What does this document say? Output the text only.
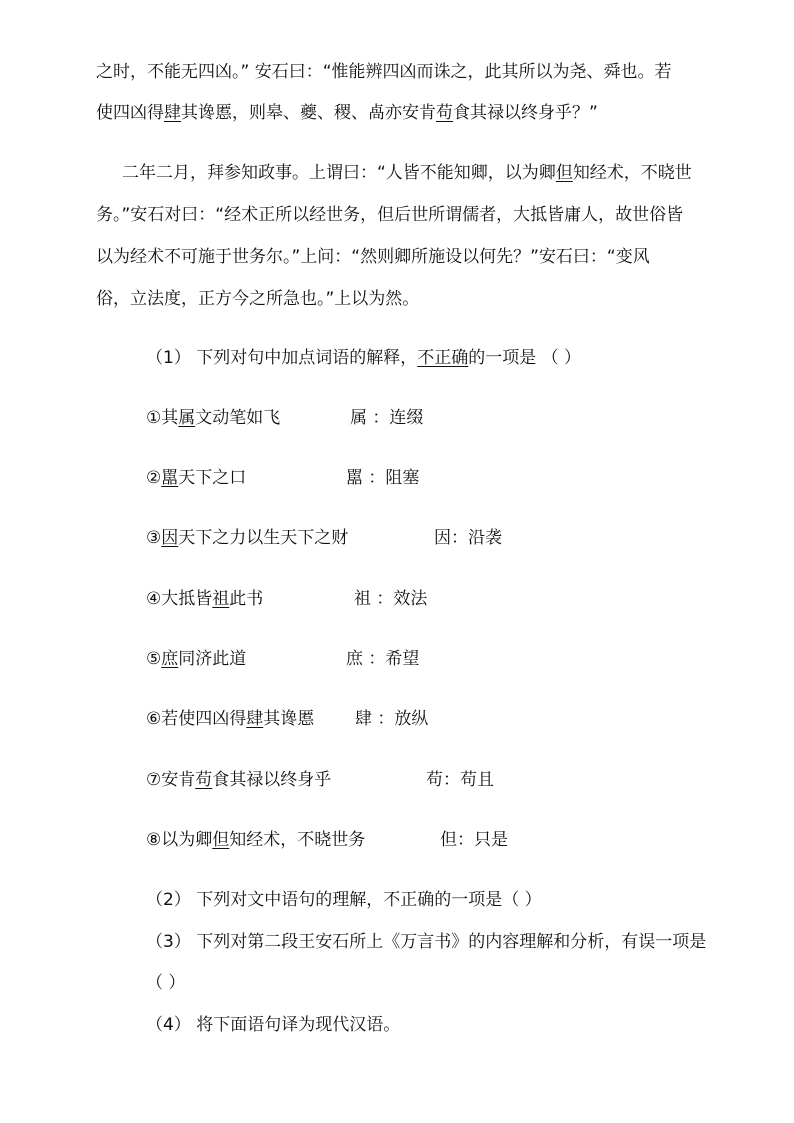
之时，不能无四凶。” 安石曰：“惟能辨四凶而诛之，此其所以为尧、舜也。若
使四凶得肆其谗慝，则皋、夔、稷、卨亦安肯苟食其禄以终身乎？”
二年二月，拜参知政事。上谓曰：“人皆不能知卿，以为卿但知经术，不晓世
务。”安石对曰：“经术正所以经世务，但后世所谓儒者，大抵皆庸人，故世俗皆
以为经术不可施于世务尔。”上问：“然则卿所施设以何先？”安石曰：“变风
俗，立法度，正方今之所急也。”上以为然。
（1） 下列对句中加点词语的解释，不正确的一项是 （ ）
①其属文动笔如飞	属 ：连缀
②嚚天下之口	嚚 ：阻塞
③因天下之力以生天下之财	因：沿袭
④大抵皆祖此书	祖 ：效法
⑤庶同济此道	庶 ：希望
⑥若使四凶得肆其谗慝 肆 ：放纵
⑦安肯苟食其禄以终身乎	苟：苟且
⑧以为卿但知经术，不晓世务	但：只是
（2） 下列对文中语句的理解，不正确的一项是（ ）
（3） 下列对第二段王安石所上《万言书》的内容理解和分析，有误一项是
（ ）
（4） 将下面语句译为现代汉语。
